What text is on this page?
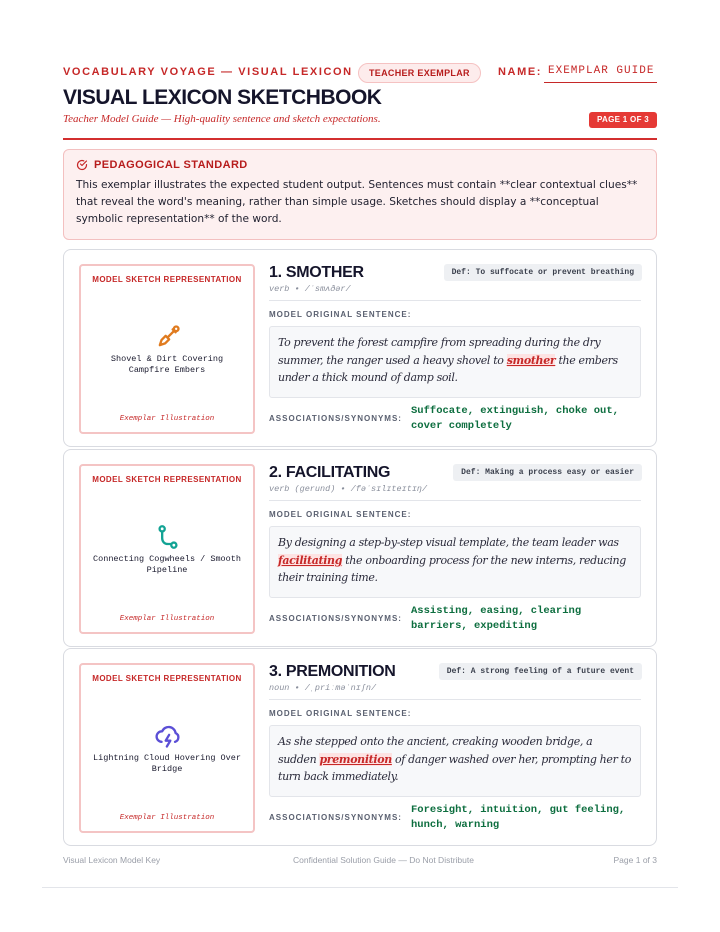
VOCABULARY VOYAGE — VISUAL LEXICON	TEACHER EXEMPLAR	NAME: EXEMPLAR GUIDE
VISUAL LEXICON SKETCHBOOK
Teacher Model Guide — High-quality sentence and sketch expectations.	PAGE 1 OF 3
PEDAGOGICAL STANDARD
This exemplar illustrates the expected student output. Sentences must contain **clear contextual clues** that reveal the word's meaning, rather than simple usage. Sketches should display a **conceptual symbolic representation** of the word.
MODEL SKETCH REPRESENTATION
Shovel & Dirt Covering Campfire Embers
Exemplar Illustration
1. SMOTHER
verb • /ˈsmʌðər/
Def: To suffocate or prevent breathing
MODEL ORIGINAL SENTENCE:
To prevent the forest campfire from spreading during the dry summer, the ranger used a heavy shovel to smother the embers under a thick mound of damp soil.
ASSOCIATIONS/SYNONYMS:
Suffocate, extinguish, choke out, cover completely
MODEL SKETCH REPRESENTATION
Connecting Cogwheels / Smooth Pipeline
Exemplar Illustration
2. FACILITATING
verb (gerund) • /fəˈsɪlɪteɪtɪŋ/
Def: Making a process easy or easier
MODEL ORIGINAL SENTENCE:
By designing a step-by-step visual template, the team leader was facilitating the onboarding process for the new interns, reducing their training time.
ASSOCIATIONS/SYNONYMS:
Assisting, easing, clearing barriers, expediting
MODEL SKETCH REPRESENTATION
Lightning Cloud Hovering Over Bridge
Exemplar Illustration
3. PREMONITION
noun • /ˌpriːməˈnɪʃn/
Def: A strong feeling of a future event
MODEL ORIGINAL SENTENCE:
As she stepped onto the ancient, creaking wooden bridge, a sudden premonition of danger washed over her, prompting her to turn back immediately.
ASSOCIATIONS/SYNONYMS:
Foresight, intuition, gut feeling, hunch, warning
Visual Lexicon Model Key	Confidential Solution Guide — Do Not Distribute	Page 1 of 3
